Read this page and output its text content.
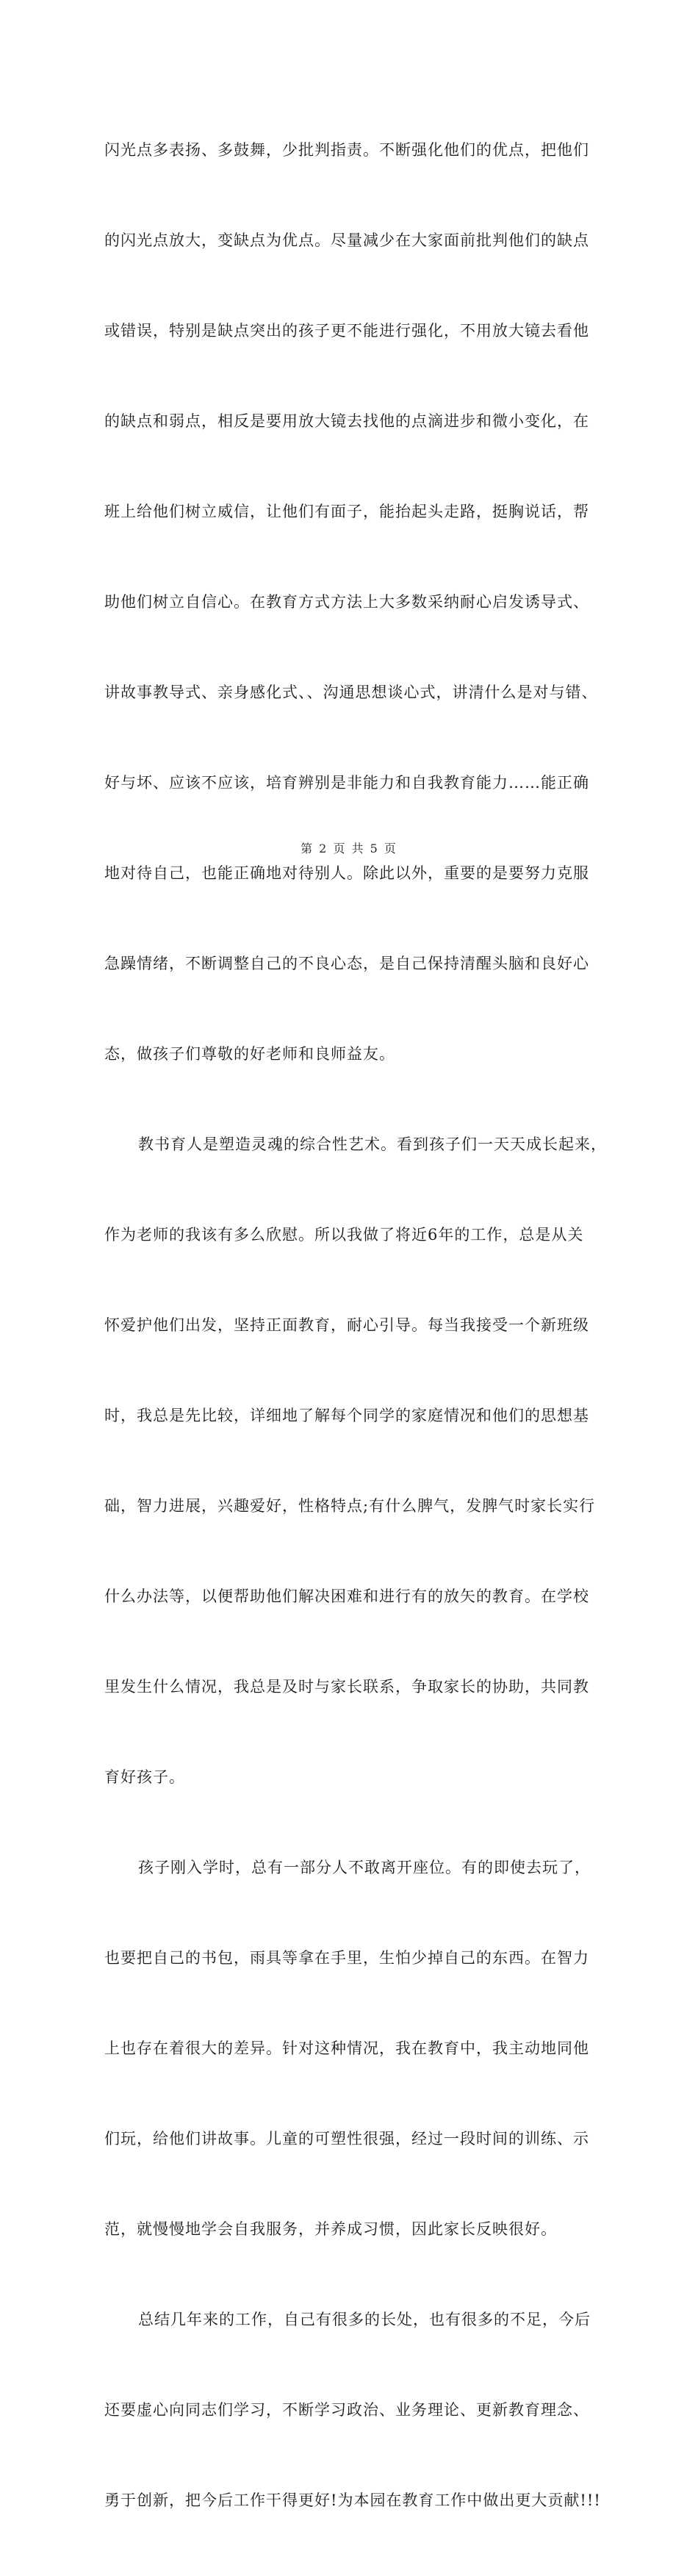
闪光点多表扬、多鼓舞，少批判指责。不断强化他们的优点，把他们

的闪光点放大，变缺点为优点。尽量减少在大家面前批判他们的缺点

或错误，特别是缺点突出的孩子更不能进行强化，不用放大镜去看他

的缺点和弱点，相反是要用放大镜去找他的点滴进步和微小变化，在

班上给他们树立威信，让他们有面子，能抬起头走路，挺胸说话，帮

助他们树立自信心。在教育方式方法上大多数采纳耐心启发诱导式、

讲故事教导式、亲身感化式、、沟通思想谈心式，讲清什么是对与错、

好与坏、应该不应该，培育辨别是非能力和自我教育能力……能正确

地对待自己，也能正确地对待别人。除此以外，重要的是要努力克服

急躁情绪，不断调整自己的不良心态，是自己保持清醒头脑和良好心

态，做孩子们尊敬的好老师和良师益友。

教书育人是塑造灵魂的综合性艺术。看到孩子们一天天成长起来，

作为老师的我该有多么欣慰。所以我做了将近6年的工作，总是从关

怀爱护他们出发，坚持正面教育，耐心引导。每当我接受一个新班级

时，我总是先比较，详细地了解每个同学的家庭情况和他们的思想基

础，智力进展，兴趣爱好，性格特点;有什么脾气，发脾气时家长实行

什么办法等，以便帮助他们解决困难和进行有的放矢的教育。在学校

里发生什么情况，我总是及时与家长联系，争取家长的协助，共同教

育好孩子。

孩子刚入学时，总有一部分人不敢离开座位。有的即使去玩了，

也要把自己的书包，雨具等拿在手里，生怕少掉自己的东西。在智力

上也存在着很大的差异。针对这种情况，我在教育中，我主动地同他

们玩，给他们讲故事。儿童的可塑性很强，经过一段时间的训练、示

范，就慢慢地学会自我服务，并养成习惯，因此家长反映很好。

总结几年来的工作，自己有很多的长处，也有很多的不足，今后

还要虚心向同志们学习，不断学习政治、业务理论、更新教育理念、

勇于创新，把今后工作干得更好!为本园在教育工作中做出更大贡献!!!

第 2 页 共 5 页
